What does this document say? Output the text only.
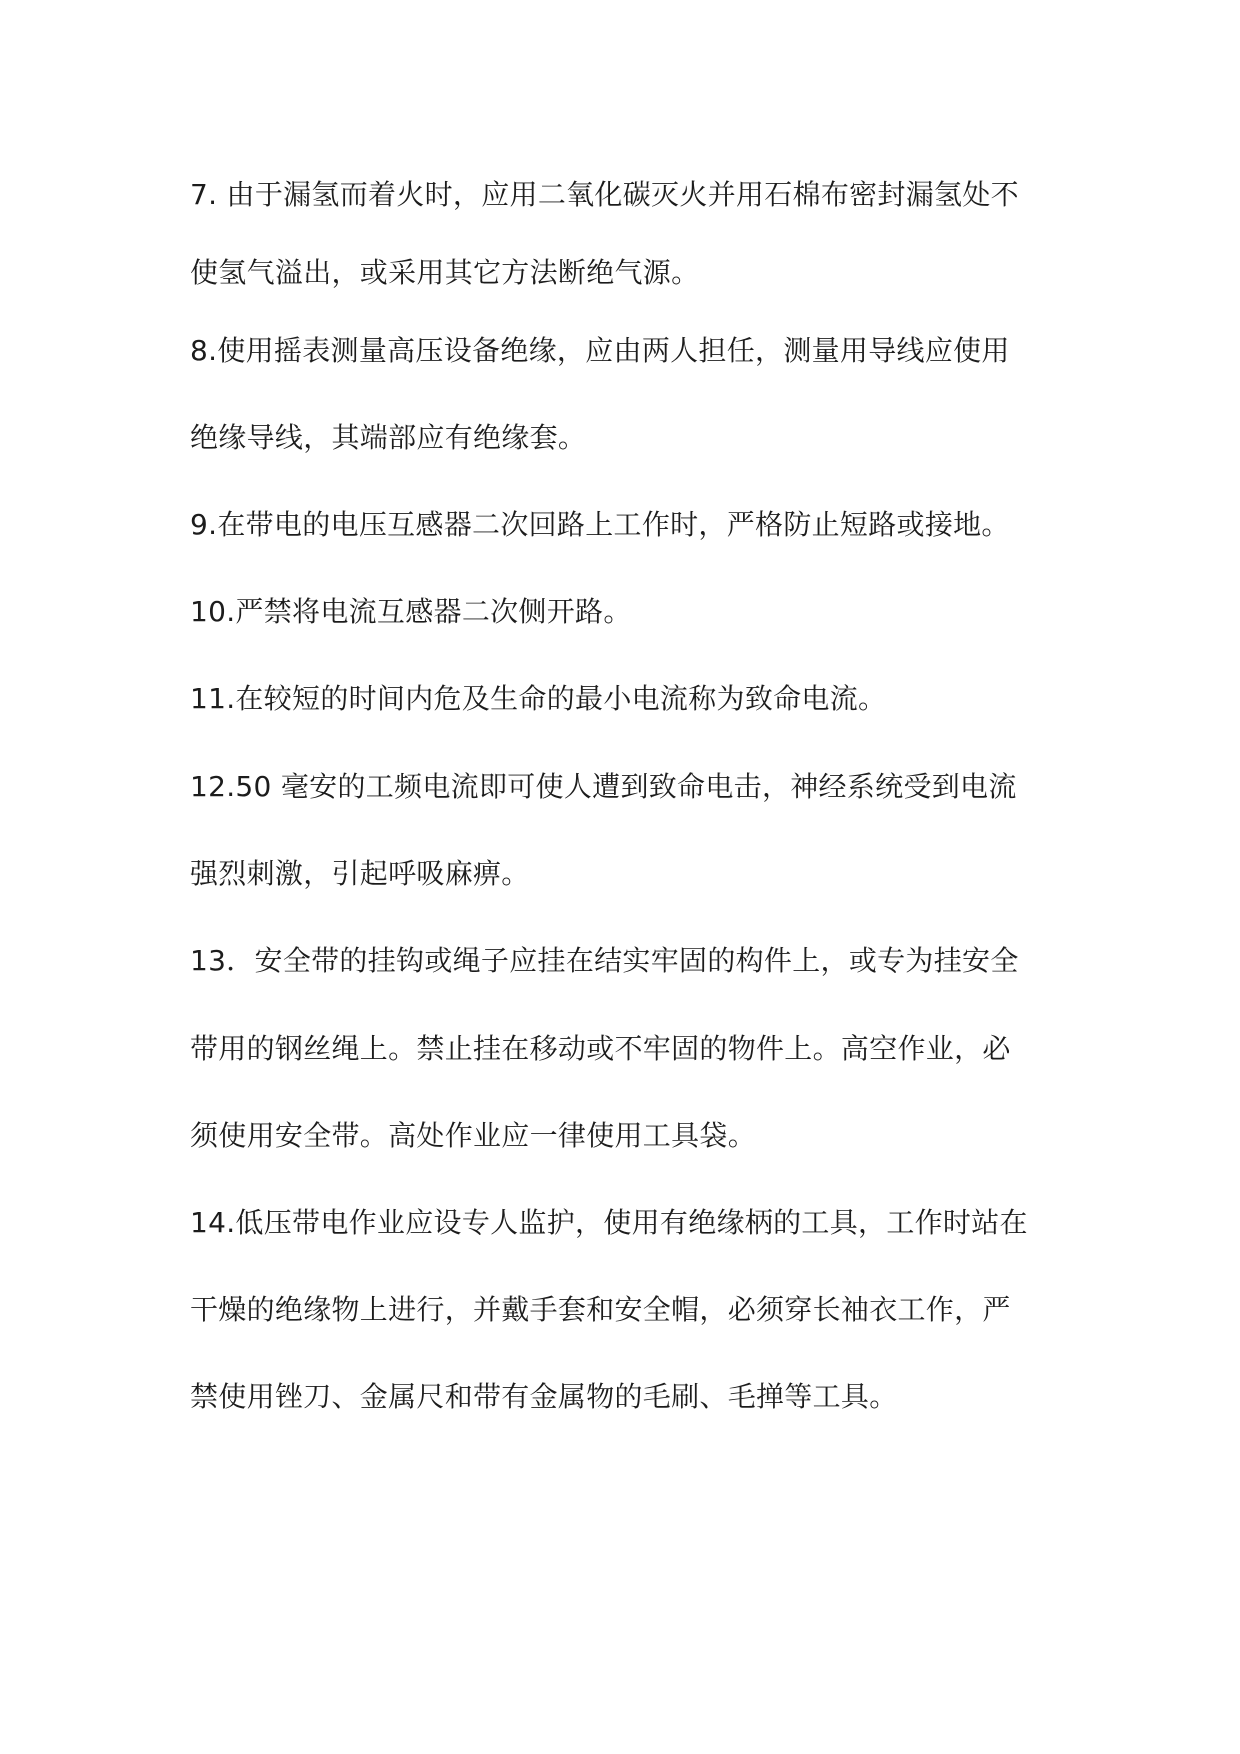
7. 由于漏氢而着火时，应用二氧化碳灭火并用石棉布密封漏氢处不
使氢气溢出，或采用其它方法断绝气源。
8.使用摇表测量高压设备绝缘，应由两人担任，测量用导线应使用
绝缘导线，其端部应有绝缘套。
9.在带电的电压互感器二次回路上工作时，严格防止短路或接地。
10.严禁将电流互感器二次侧开路。
11.在较短的时间内危及生命的最小电流称为致命电流。
12.50 毫安的工频电流即可使人遭到致命电击，神经系统受到电流
强烈刺激，引起呼吸麻痹。
13．安全带的挂钩或绳子应挂在结实牢固的构件上，或专为挂安全
带用的钢丝绳上。禁止挂在移动或不牢固的物件上。高空作业，必
须使用安全带。高处作业应一律使用工具袋。
14.低压带电作业应设专人监护，使用有绝缘柄的工具，工作时站在
干燥的绝缘物上进行，并戴手套和安全帽，必须穿长袖衣工作，严
禁使用锉刀、金属尺和带有金属物的毛刷、毛掸等工具。
